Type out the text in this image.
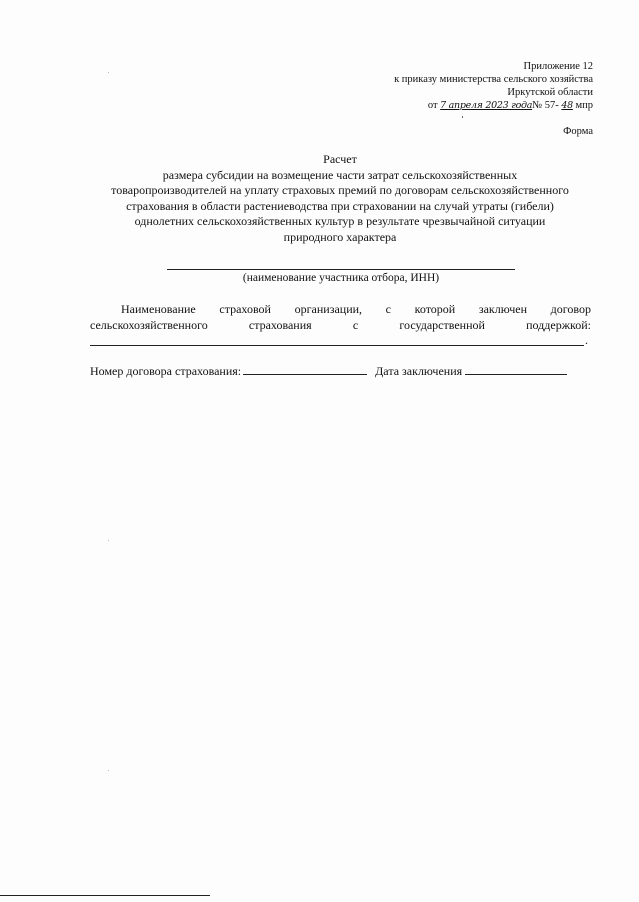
Приложение 12
к приказу министерства сельского хозяйства
Иркутской области
от 7 апреля 2023 года№ 57- 48 мпр
Форма
Расчет
размера субсидии на возмещение части затрат сельскохозяйственных
товаропроизводителей на уплату страховых премий по договорам сельскохозяйственного
страхования в области растениеводства при страховании на случай утраты (гибели)
однолетних сельскохозяйственных культур в результате чрезвычайной ситуации
природного характера
(наименование участника отбора, ИНН)
Наименование страховой организации, с которой заключен договор
сельскохозяйственного	страхования	с	государственной	поддержкой:
.
Номер договора страхования:	Дата заключения
